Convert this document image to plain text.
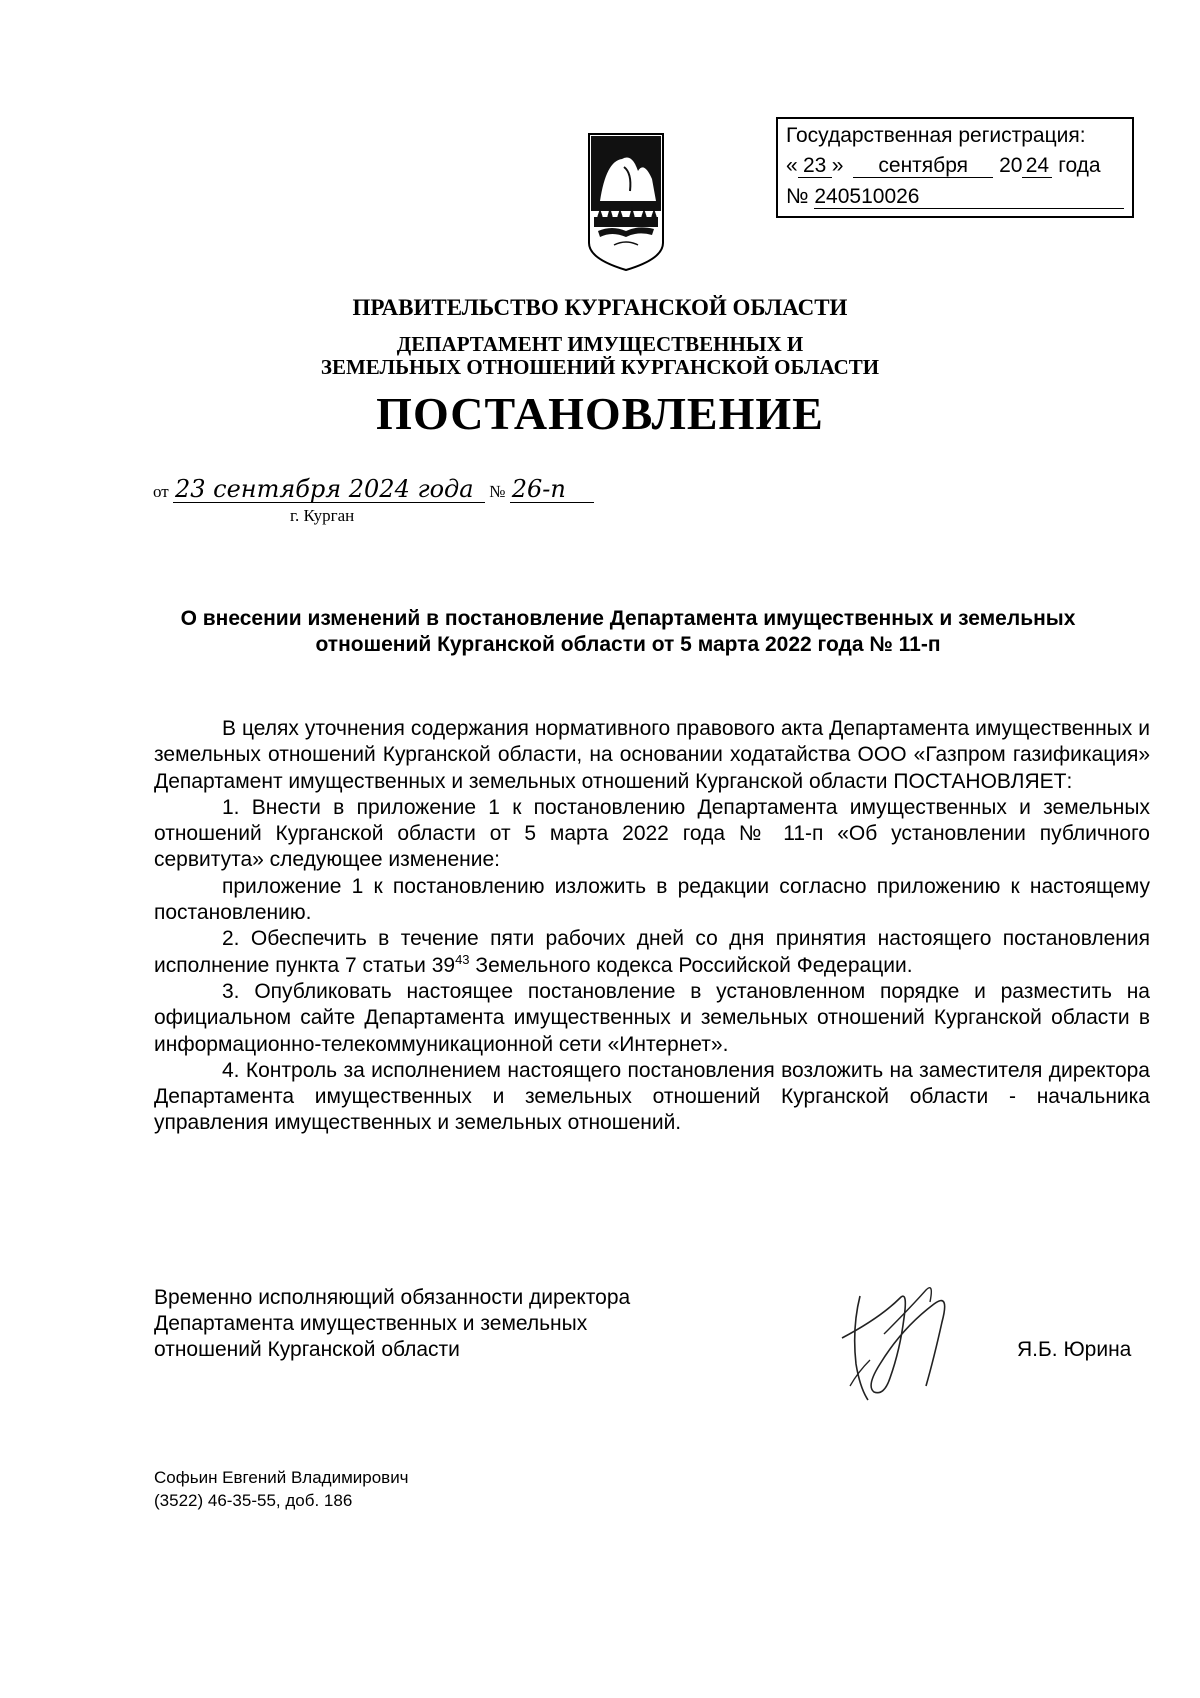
Государственная регистрация:
« 23 » сентября 20 24 года
№ 240510026
ПРАВИТЕЛЬСТВО КУРГАНСКОЙ ОБЛАСТИ
ДЕПАРТАМЕНТ ИМУЩЕСТВЕННЫХ И
ЗЕМЕЛЬНЫХ ОТНОШЕНИЙ КУРГАНСКОЙ ОБЛАСТИ
ПОСТАНОВЛЕНИЕ
от 23 сентября 2024 года № 26-п
г. Курган
О внесении изменений в постановление Департамента имущественных и земельных отношений Курганской области от 5 марта 2022 года № 11-п

В целях уточнения содержания нормативного правового акта Департамента имущественных и земельных отношений Курганской области, на основании ходатайства ООО «Газпром газификация» Департамент имущественных и земельных отношений Курганской области ПОСТАНОВЛЯЕТ:

1. Внести в приложение 1 к постановлению Департамента имущественных и земельных отношений Курганской области от 5 марта 2022 года № 11-п «Об установлении публичного сервитута» следующее изменение:

приложение 1 к постановлению изложить в редакции согласно приложению к настоящему постановлению.

2. Обеспечить в течение пяти рабочих дней со дня принятия настоящего постановления исполнение пункта 7 статьи $39^{43}$ Земельного кодекса Российской Федерации.

3. Опубликовать настоящее постановление в установленном порядке и разместить на официальном сайте Департамента имущественных и земельных отношений Курганской области в информационно-телекоммуникационной сети «Интернет».

4. Контроль за исполнением настоящего постановления возложить на заместителя директора Департамента имущественных и земельных отношений Курганской области - начальника управления имущественных и земельных отношений.

Временно исполняющий обязанности директора
Департамента имущественных и земельных
отношений Курганской области	Я.Б. Юрина
Софьин Евгений Владимирович
(3522) 46-35-55, доб. 186
